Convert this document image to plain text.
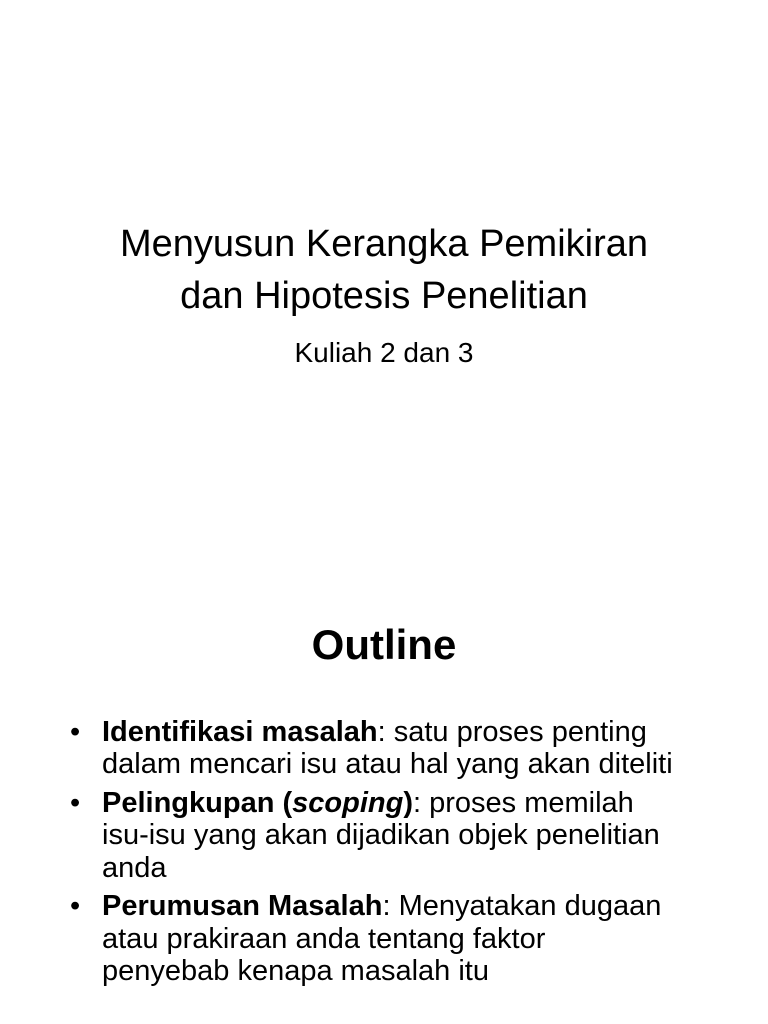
Menyusun Kerangka Pemikiran
dan Hipotesis Penelitian
Kuliah 2 dan 3
Outline
• Identifikasi masalah: satu proses penting dalam mencari isu atau hal yang akan diteliti
• Pelingkupan (scoping): proses memilah isu-isu yang akan dijadikan objek penelitian anda
• Perumusan Masalah: Menyatakan dugaan atau prakiraan anda tentang faktor penyebab kenapa masalah itu
